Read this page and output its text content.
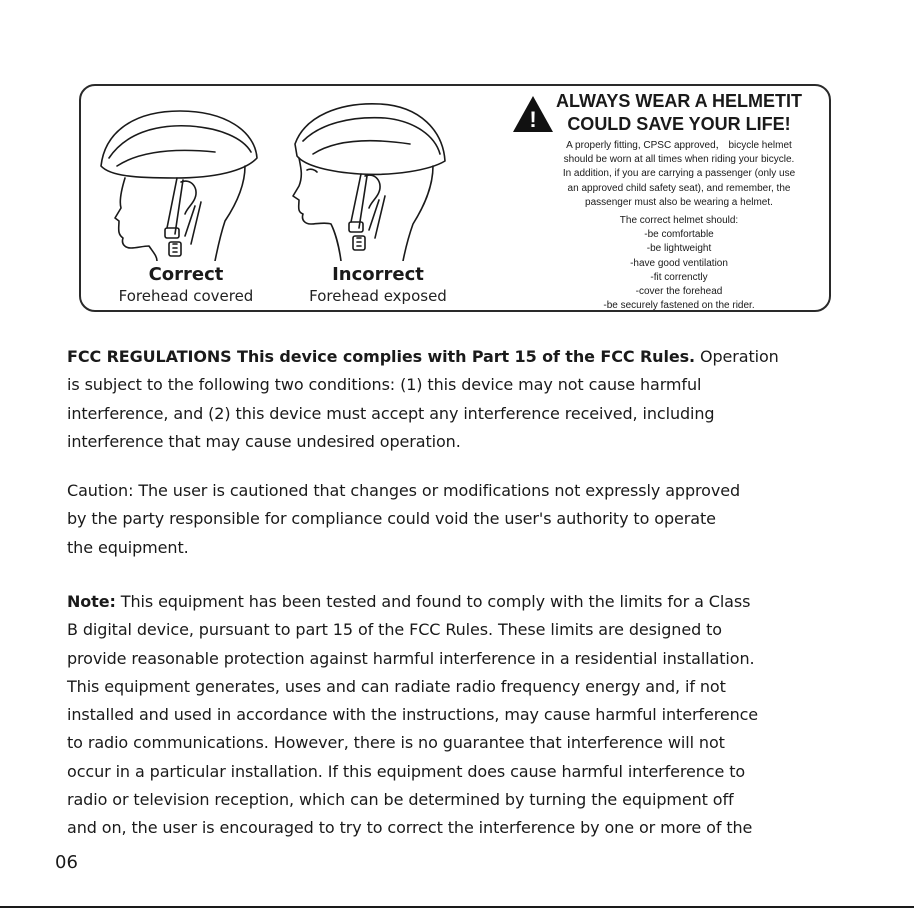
Correct
Forehead covered
Incorrect
Forehead exposed
!
ALWAYS WEAR A HELMETIT
COULD SAVE YOUR LIFE!

A properly fitting, CPSC approved， bicycle helmet

should be worn at all times when riding your bicycle.

In addition, if you are carrying a passenger (only use

an approved child safety seat), and remember, the

passenger must also be wearing a helmet.

The correct helmet should:

-be comfortable

-be lightweight

-have good ventilation

-fit correnctly

-cover the forehead

-be securely fastened on the rider.

FCC REGULATIONS This device complies with Part 15 of the FCC Rules. Operation
is subject to the following two conditions: (1) this device may not cause harmful
interference, and (2) this device must accept any interference received, including
interference that may cause undesired operation.
Caution: The user is cautioned that changes or modifications not expressly approved
by the party responsible for compliance could void the user's authority to operate
the equipment.
Note: This equipment has been tested and found to comply with the limits for a Class
B digital device, pursuant to part 15 of the FCC Rules. These limits are designed to
provide reasonable protection against harmful interference in a residential installation.
This equipment generates, uses and can radiate radio frequency energy and, if not
installed and used in accordance with the instructions, may cause harmful interference
to radio communications. However, there is no guarantee that interference will not
occur in a particular installation. If this equipment does cause harmful interference to
radio or television reception, which can be determined by turning the equipment off
and on, the user is encouraged to try to correct the interference by one or more of the
06
